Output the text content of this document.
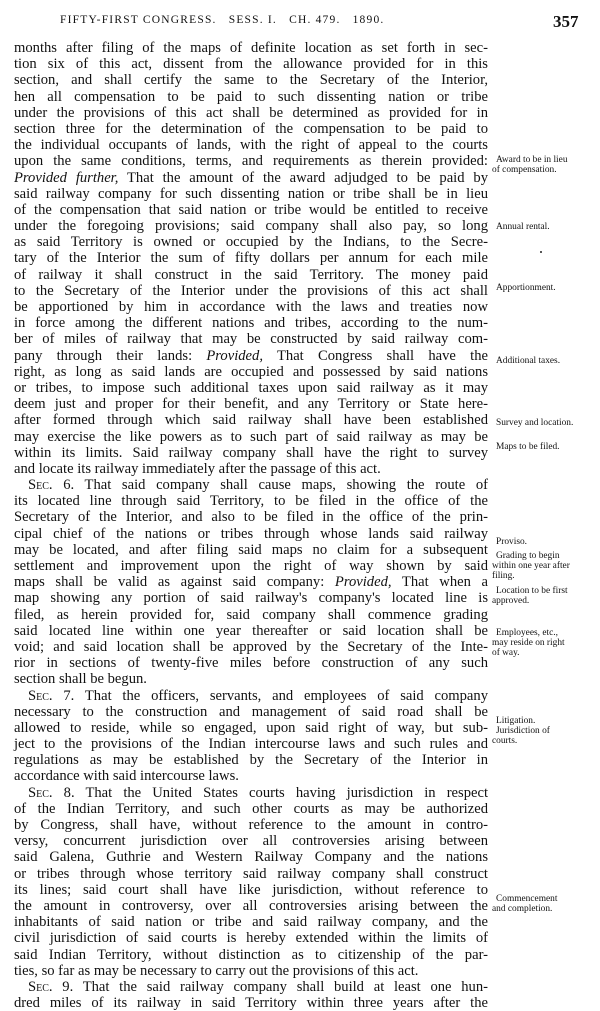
FIFTY-FIRST CONGRESS. SESS. I. CH. 479. 1890.	357
months after filing of the maps of definite location as set forth in sec-
tion six of this act, dissent from the allowance provided for in this
section, and shall certify the same to the Secretary of the Interior,
hen all compensation to be paid to such dissenting nation or tribe
under the provisions of this act shall be determined as provided for in
section three for the determination of the compensation to be paid to
the individual occupants of lands, with the right of appeal to the courts
upon the same conditions, terms, and requirements as therein provided:
Provided further, That the amount of the award adjudged to be paid by
said railway company for such dissenting nation or tribe shall be in lieu
of the compensation that said nation or tribe would be entitled to receive
under the foregoing provisions; said company shall also pay, so long
as said Territory is owned or occupied by the Indians, to the Secre-
tary of the Interior the sum of fifty dollars per annum for each mile
of railway it shall construct in the said Territory. The money paid
to the Secretary of the Interior under the provisions of this act shall
be apportioned by him in accordance with the laws and treaties now
in force among the different nations and tribes, according to the num-
ber of miles of railway that may be constructed by said railway com-
pany through their lands: Provided, That Congress shall have the
right, as long as said lands are occupied and possessed by said nations
or tribes, to impose such additional taxes upon said railway as it may
deem just and proper for their benefit, and any Territory or State here-
after formed through which said railway shall have been established
may exercise the like powers as to such part of said railway as may be
within its limits. Said railway company shall have the right to survey
and locate its railway immediately after the passage of this act.
Sec. 6. That said company shall cause maps, showing the route of
its located line through said Territory, to be filed in the office of the
Secretary of the Interior, and also to be filed in the office of the prin-
cipal chief of the nations or tribes through whose lands said railway
may be located, and after filing said maps no claim for a subsequent
settlement and improvement upon the right of way shown by said
maps shall be valid as against said company: Provided, That when a
map showing any portion of said railway's company's located line is
filed, as herein provided for, said company shall commence grading
said located line within one year thereafter or said location shall be
void; and said location shall be approved by the Secretary of the Inte-
rior in sections of twenty-five miles before construction of any such
section shall be begun.
Sec. 7. That the officers, servants, and employees of said company
necessary to the construction and management of said road shall be
allowed to reside, while so engaged, upon said right of way, but sub-
ject to the provisions of the Indian intercourse laws and such rules and
regulations as may be established by the Secretary of the Interior in
accordance with said intercourse laws.
Sec. 8. That the United States courts having jurisdiction in respect
of the Indian Territory, and such other courts as may be authorized
by Congress, shall have, without reference to the amount in contro-
versy, concurrent jurisdiction over all controversies arising between
said Galena, Guthrie and Western Railway Company and the nations
or tribes through whose territory said railway company shall construct
its lines; said court shall have like jurisdiction, without reference to
the amount in controversy, over all controversies arising between the
inhabitants of said nation or tribe and said railway company, and the
civil jurisdiction of said courts is hereby extended within the limits of
said Indian Territory, without distinction as to citizenship of the par-
ties, so far as may be necessary to carry out the provisions of this act.
Sec. 9. That the said railway company shall build at least one hun-
dred miles of its railway in said Territory within three years after the
Award to be in lieu
of compensation.
Annual rental.
Apportionment.
Additional taxes.
Survey and location.
Maps to be filed.
Proviso.
Grading to begin
within one year after
filing.
Location to be first
approved.
Employees, etc.,
may reside on right
of way.
Litigation.
Jurisdiction of
courts.
Commencement
and completion.
